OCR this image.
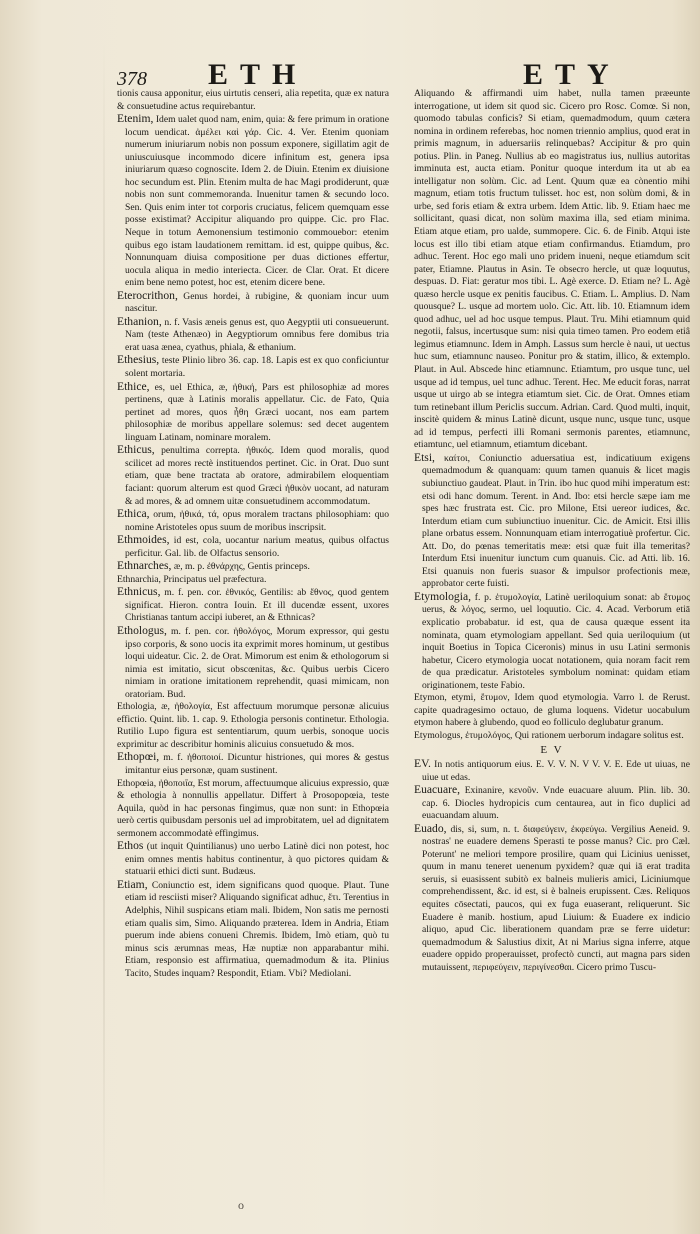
378 ETH	ETY

tionis causa apponitur, eius uirtutis censeri, alia repetita, quæ ex natura & consuetudine actus requirebantur.

Etenim, Idem ualet quod nam, enim, quia: & fere primum in oratione locum uendicat. ἀμέλει καὶ γάρ. Cic. 4. Ver. Etenim quoniam numerum iniuriarum nobis non possum exponere, sigillatim agit de uniuscuiusque incommodo dicere infinitum est, genera ipsa iniuriarum quæso cognoscite. Idem 2. de Diuin. Etenim ex diuisione hoc secundum est. Plin. Etenim multa de hac Magi prodiderunt, quæ nobis non sunt commemoranda. Inuenitur tamen & secundo loco. Sen. Quis enim inter tot corporis cruciatus, felicem quemquam esse posse existimat? Accipitur aliquando pro quippe. Cic. pro Flac. Neque in totum Aemonensium testimonio commouebor: etenim quibus ego istam laudationem remittam. id est, quippe quibus, &c. Nonnunquam diuisa compositione per duas dictiones effertur, uocula aliqua in medio interiecta. Cicer. de Clar. Orat. Et dicere enim bene nemo potest, hoc est, etenim dicere bene.

Eterocrithon, Genus hordei, à rubigine, & quoniam incur uum nascitur.

Ethanion, n. f. Vasis æneis genus est, quo Aegyptii uti consueuerunt. Nam (teste Athenæo) in Aegyptiorum omnibus fere domibus tria erat uasa ænea, cyathus, phiala, & ethanium.

Ethesius, teste Plinio libro 36. cap. 18. Lapis est ex quo conficiuntur solent mortaria.

Ethice, es, uel Ethica, æ, ἠθική, Pars est philosophiæ ad mores pertinens, quæ à Latinis moralis appellatur. Cic. de Fato, Quia pertinet ad mores, quos ἦθη Græci uocant, nos eam partem philosophiæ de moribus appellare solemus: sed decet augentem linguam Latinam, nominare moralem.

Ethicus, penultima correpta. ἠθικός. Idem quod moralis, quod scilicet ad mores rectè instituendos pertinet. Cic. in Orat. Duo sunt etiam, quæ bene tractata ab oratore, admirabilem eloquentiam faciant: quorum alterum est quod Græci ἠθικὸν uocant, ad naturam & ad mores, & ad omnem uitæ consuetudinem accommodatum.

Ethica, orum, ἠθικά, τά, opus moralem tractans philosophiam: quo nomine Aristoteles opus suum de moribus inscripsit.

Ethmoides, id est, cola, uocantur narium meatus, quibus olfactus perficitur. Gal. lib. de Olfactus sensorio.

Ethnarches, æ, m. p. ἐθνάρχης, Gentis princeps.

Ethnarchia, Principatus uel præfectura.

Ethnicus, m. f. pen. cor. ἐθνικός, Gentilis: ab ἔθνος, quod gentem significat. Hieron. contra Iouin. Et ill ducendæ essent, uxores Christianas tantum accipi iuberet, an & Ethnicas?

Ethologus, m. f. pen. cor. ἠθολόγος, Morum expressor, qui gestu ipso corporis, & sono uocis ita exprimit mores hominum, ut gestibus loqui uideatur. Cic. 2. de Orat. Mimorum est enim & ethologorum si nimia est imitatio, sicut obscœnitas, &c. Quibus uerbis Cicero nimiam in oratione imitationem reprehendit, quasi mimicam, non oratoriam. Bud.

Ethologia, æ, ἠθολογία, Est affectuum morumque personæ alicuius effictio. Quint. lib. 1. cap. 9. Ethologia personis continetur. Ethologia. Rutilio Lupo figura est sententiarum, quum uerbis, sonoque uocis exprimitur ac describitur hominis alicuius consuetudo & mos.

Ethopœi, m. f. ἠθοποιοί. Dicuntur histriones, qui mores & gestus imitantur eius personæ, quam sustinent.

Ethopœia, ἠθοποιΐα, Est morum, affectuumque alicuius expressio, quæ & ethologia à nonnullis appellatur. Differt à Prosopopœia, teste Aquila, quòd in hac personas fingimus, quæ non sunt: in Ethopœia uerò certis quibusdam personis uel ad improbitatem, uel ad dignitatem sermonem accommodatè effingimus.

Ethos (ut inquit Quintilianus) uno uerbo Latinè dici non potest, hoc enim omnes mentis habitus continentur, à quo pictores quidam & statuarii ethici dicti sunt. Budæus.

Etiam, Coniunctio est, idem significans quod quoque. Plaut. Tune etiam id resciisti miser? Aliquando significat adhuc, ἔτι. Terentius in Adelphis, Nihil suspicans etiam mali. Ibidem, Non satis me pernosti etiam qualis sim, Simo. Aliquando præterea. Idem in Andria, Etiam puerum inde abiens conueni Chremis. Ibidem, Imò etiam, quò tu minus scis ærumnas meas, Hæ nuptiæ non apparabantur mihi. Etiam, responsio est affirmatiua, quemadmodum & ita. Plinius Tacito, Studes inquam? Respondit, Etiam. Vbi? Mediolani.

Aliquando & affirmandi uim habet, nulla tamen præeunte interrogatione, ut idem sit quod sic. Cicero pro Rosc. Comœ. Si non, quomodo tabulas conficis? Si etiam, quemadmodum, quum cætera nomina in ordinem referebas, hoc nomen triennio amplius, quod erat in primis magnum, in aduersariis relinquebas? Accipitur & pro quin potius. Plin. in Paneg. Nullius ab eo magistratus ius, nullius autoritas imminuta est, aucta etiam. Ponitur quoque interdum ita ut ab ea intelligatur non solùm. Cic. ad Lent. Quum quæ ea cònentio mihi magnum, etiam totis fructum tulisset. hoc est, non solùm domi, & in urbe, sed foris etiam & extra urbem. Idem Attic. lib. 9. Etiam haec me sollicitant, quasi dicat, non solùm maxima illa, sed etiam minima. Etiam atque etiam, pro ualde, summopere. Cic. 6. de Finib. Atqui iste locus est illo tibi etiam atque etiam confirmandus. Etiamdum, pro adhuc. Terent. Hoc ego mali uno pridem inueni, neque etiamdum scit pater, Etiamne. Plautus in Asin. Te obsecro hercle, ut quæ loquutus, despuas. D. Fiat: geratur mos tibi. L. Agè exerce. D. Etiam ne? L. Agè quæso hercle usque ex penitis faucibus. C. Etiam. L. Amplius. D. Nam quousque? L. usque ad mortem uolo. Cic. Att. lib. 10. Etiamnum idem quod adhuc, uel ad hoc usque tempus. Plaut. Tru. Mihi etiamnum quid negotii, falsus, incertusque sum: nisi quia timeo tamen. Pro eodem etiâ legimus etiamnunc. Idem in Amph. Lassus sum hercle è naui, ut uectus huc sum, etiamnunc nauseo. Ponitur pro & statim, illico, & extemplo. Plaut. in Aul. Abscede hinc etiamnunc. Etiamtum, pro usque tunc, uel usque ad id tempus, uel tunc adhuc. Terent. Hec. Me educit foras, narrat usque ut uirgo ab se integra etiamtum siet. Cic. de Orat. Omnes etiam tum retinebant illum Periclis succum. Adrian. Card. Quod multi, inquit, inscitè quidem & minus Latinè dicunt, usque nunc, usque tunc, usque ad id tempus, perfecti illi Romani sermonis parentes, etiamnunc, etiamtunc, uel etiamnum, etiamtum dicebant.

Etsi, καίτοι, Coniunctio aduersatiua est, indicatiuum exigens quemadmodum & quanquam: quum tamen quanuis & licet magis subiunctiuo gaudeat. Plaut. in Trin. ibo huc quod mihi imperatum est: etsi odi hanc domum. Terent. in And. Ibo: etsi hercle sæpe iam me spes hæc frustrata est. Cic. pro Milone, Etsi uereor iudices, &c. Interdum etiam cum subiunctiuo inuenitur. Cic. de Amicit. Etsi illis plane orbatus essem. Nonnunquam etiam interrogatiuè profertur. Cic. Att. Do, do pœnas temeritatis meæ: etsi quæ fuit illa temeritas? Interdum Etsi inuenitur iunctum cum quanuis. Cic. ad Atti. lib. 16. Etsi quanuis non fueris suasor & impulsor profectionis meæ, approbator certe fuisti.

Etymologia, f. p. ἐτυμολογία, Latinè ueriloquium sonat: ab ἔτυμος uerus, & λόγος, sermo, uel loquutio. Cic. 4. Acad. Verborum etiā explicatio probabatur. id est, qua de causa quæque essent ita nominata, quam etymologiam appellant. Sed quia ueriloquium (ut inquit Boetius in Topica Ciceronis) minus in usu Latini sermonis habetur, Cicero etymologia uocat notationem, quia noram facit rem de qua prædicatur. Aristoteles symbolum nominat: quidam etiam originationem, teste Fabio.

Etymon, etymi, ἔτυμον, Idem quod etymologia. Varro l. de Rerust. capite quadragesimo octauo, de gluma loquens. Videtur uocabulum etymon habere à glubendo, quod eo folliculo deglubatur granum.

Etymologus, ἐτυμολόγος, Qui rationem uerborum indagare solitus est.

E V

EV. In notis antiquorum eius. E. V. V. N. V V. V. E. Ede ut uiuas, ne uiue ut edas.

Euacuare, Exinanire, κενοῦν. Vnde euacuare aluum. Plin. lib. 30. cap. 6. Diocles hydropicis cum centaurea, aut in fico duplici ad euacuandam aluum.

Euado, dis, si, sum, n. t. διαφεύγειν, ἐκφεύγω. Vergilius Aeneid. 9. nostras' ne euadere demens Sperasti te posse manus? Cic. pro Cæl. Poterunt' ne meliori tempore prosilire, quam qui Licinius uenisset, quum in manu teneret uenenum pyxidem? quæ qui iā erat tradita seruis, si euasissent subitò ex balneis mulieris amici, Liciniumque comprehendissent, &c. id est, si è balneis erupissent. Cæs. Reliquos equites cōsectati, paucos, qui ex fuga euaserant, reliquerunt. Sic Euadere è manib. hostium, apud Liuium: & Euadere ex indicio aliquo, apud Cic. liberationem quandam præ se ferre uidetur: quemadmodum & Salustius dixit, At ni Marius signa inferre, atque euadere oppido properauisset, profectò cuncti, aut magna pars siden mutauissent, περιφεύγειν, περιγίνεσθαι. Cicero primo Tuscu-

o
